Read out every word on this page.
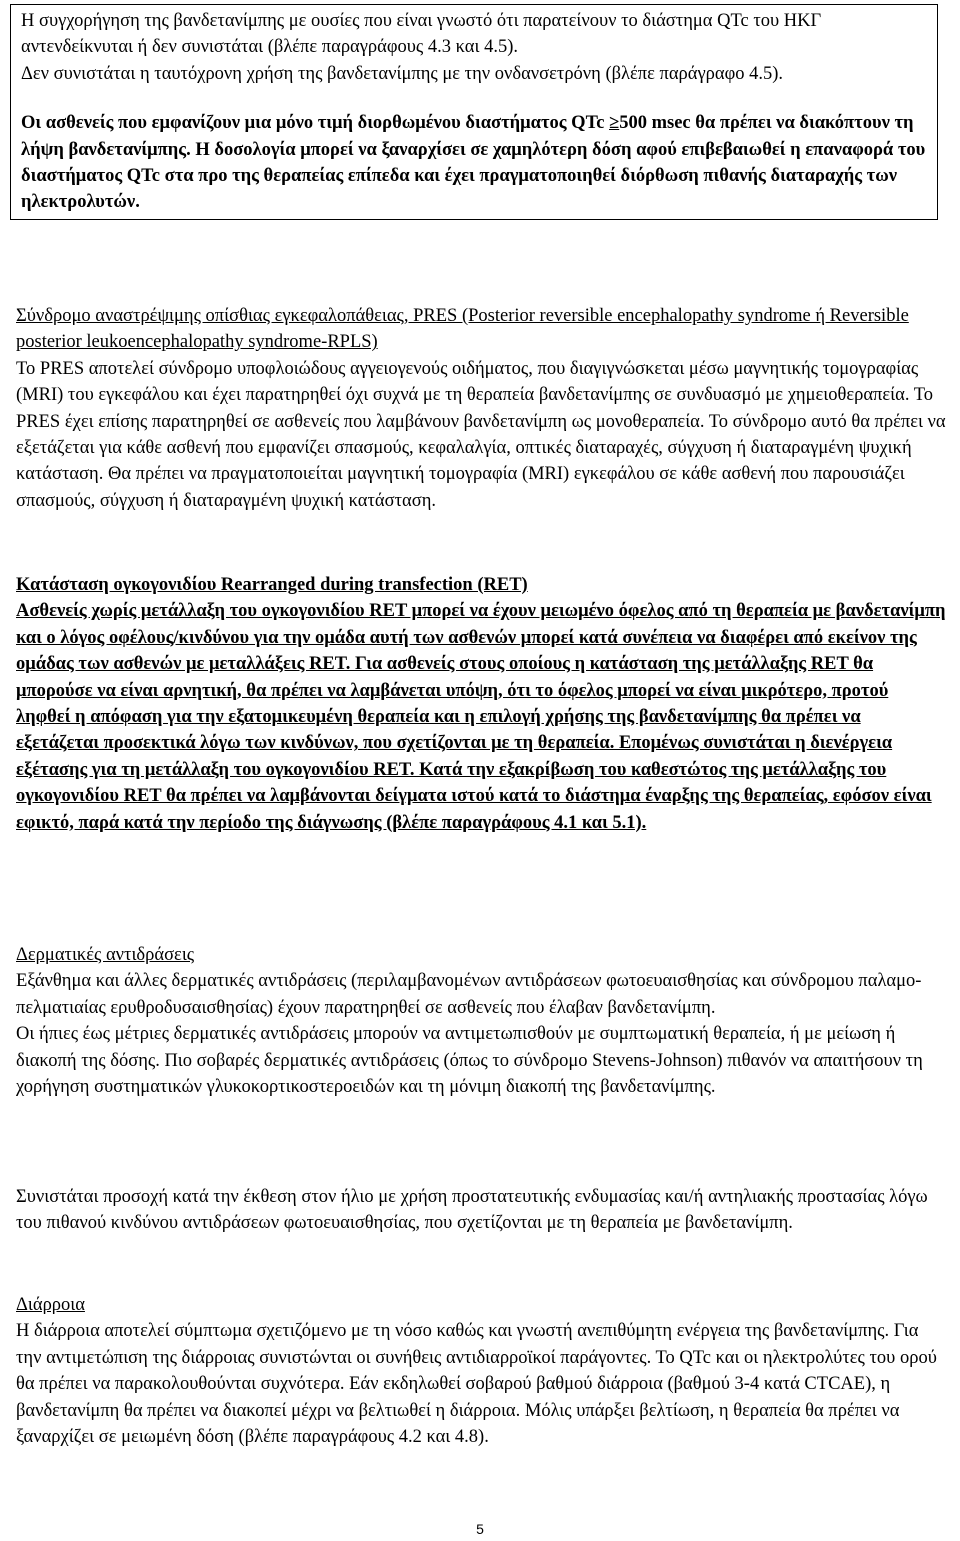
Η συγχορήγηση της βανδετανίμπης με ουσίες που είναι γνωστό ότι παρατείνουν το διάστημα QTc του ΗΚΓ αντενδείκνυται ή δεν συνιστάται (βλέπε παραγράφους 4.3 και 4.5).

Δεν συνιστάται η ταυτόχρονη χρήση της βανδετανίμπης με την ονδανσετρόνη (βλέπε παράγραφο 4.5).

Οι ασθενείς που εμφανίζουν μια μόνο τιμή διορθωμένου διαστήματος QTc ≥500 msec θα πρέπει να διακόπτουν τη λήψη βανδετανίμπης. Η δοσολογία μπορεί να ξαναρχίσει σε χαμηλότερη δόση αφού επιβεβαιωθεί η επαναφορά του διαστήματος QTc στα προ της θεραπείας επίπεδα και έχει πραγματοποιηθεί διόρθωση πιθανής διαταραχής των ηλεκτρολυτών.

Σύνδρομο αναστρέψιμης οπίσθιας εγκεφαλοπάθειας, PRES (Posterior reversible encephalopathy syndrome ή Reversible posterior leukoencephalopathy syndrome-RPLS)

Το PRES αποτελεί σύνδρομο υποφλοιώδους αγγειογενούς οιδήματος, που διαγιγνώσκεται μέσω μαγνητικής τομογραφίας (MRI) του εγκεφάλου και έχει παρατηρηθεί όχι συχνά με τη θεραπεία βανδετανίμπης σε συνδυασμό με χημειοθεραπεία. Το PRES έχει επίσης παρατηρηθεί σε ασθενείς που λαμβάνουν βανδετανίμπη ως μονοθεραπεία. Το σύνδρομο αυτό θα πρέπει να εξετάζεται για κάθε ασθενή που εμφανίζει σπασμούς, κεφαλαλγία, οπτικές διαταραχές, σύγχυση ή διαταραγμένη ψυχική κατάσταση. Θα πρέπει να πραγματοποιείται μαγνητική τομογραφία (MRI) εγκεφάλου σε κάθε ασθενή που παρουσιάζει σπασμούς, σύγχυση ή διαταραγμένη ψυχική κατάσταση.

Κατάσταση ογκογονιδίου Rearranged during transfection (RET)

Ασθενείς χωρίς μετάλλαξη του ογκογονιδίου RET μπορεί να έχουν μειωμένο όφελος από τη θεραπεία με βανδετανίμπη και ο λόγος οφέλους/κινδύνου για την ομάδα αυτή των ασθενών μπορεί κατά συνέπεια να διαφέρει από εκείνον της ομάδας των ασθενών με μεταλλάξεις RET. Για ασθενείς στους οποίους η κατάσταση της μετάλλαξης RET θα μπορούσε να είναι αρνητική, θα πρέπει να λαμβάνεται υπόψη, ότι το όφελος μπορεί να είναι μικρότερο, προτού ληφθεί η απόφαση για την εξατομικευμένη θεραπεία και η επιλογή χρήσης της βανδετανίμπης θα πρέπει να εξετάζεται προσεκτικά λόγω των κινδύνων, που σχετίζονται με τη θεραπεία. Επομένως συνιστάται η διενέργεια εξέτασης για τη μετάλλαξη του ογκογονιδίου RET. Κατά την εξακρίβωση του καθεστώτος της μετάλλαξης του ογκογονιδίου RET θα πρέπει να λαμβάνονται δείγματα ιστού κατά το διάστημα έναρξης της θεραπείας, εφόσον είναι εφικτό, παρά κατά την περίοδο της διάγνωσης (βλέπε παραγράφους 4.1 και 5.1).

Δερματικές αντιδράσεις

Εξάνθημα και άλλες δερματικές αντιδράσεις (περιλαμβανομένων αντιδράσεων φωτοευαισθησίας και σύνδρομου παλαμο-πελματιαίας ερυθροδυσαισθησίας) έχουν παρατηρηθεί σε ασθενείς που έλαβαν βανδετανίμπη.

Οι ήπιες έως μέτριες δερματικές αντιδράσεις μπορούν να αντιμετωπισθούν με συμπτωματική θεραπεία, ή με μείωση ή διακοπή της δόσης. Πιο σοβαρές δερματικές αντιδράσεις (όπως το σύνδρομο Stevens-Johnson) πιθανόν να απαιτήσουν τη χορήγηση συστηματικών γλυκοκορτικοστεροειδών και τη μόνιμη διακοπή της βανδετανίμπης.

Συνιστάται προσοχή κατά την έκθεση στον ήλιο με χρήση προστατευτικής ενδυμασίας και/ή αντηλιακής προστασίας λόγω του πιθανού κινδύνου αντιδράσεων φωτοευαισθησίας, που σχετίζονται με τη θεραπεία με βανδετανίμπη.

Διάρροια

Η διάρροια αποτελεί σύμπτωμα σχετιζόμενο με τη νόσο καθώς και γνωστή ανεπιθύμητη ενέργεια της βανδετανίμπης. Για την αντιμετώπιση της διάρροιας συνιστώνται οι συνήθεις αντιδιαρροϊκοί παράγοντες. Το QTc και οι ηλεκτρολύτες του ορού θα πρέπει να παρακολουθούνται συχνότερα. Εάν εκδηλωθεί σοβαρού βαθμού διάρροια (βαθμού 3-4 κατά CTCAE), η βανδετανίμπη θα πρέπει να διακοπεί μέχρι να βελτιωθεί η διάρροια. Μόλις υπάρξει βελτίωση, η θεραπεία θα πρέπει να ξαναρχίζει σε μειωμένη δόση (βλέπε παραγράφους 4.2 και 4.8).

5
